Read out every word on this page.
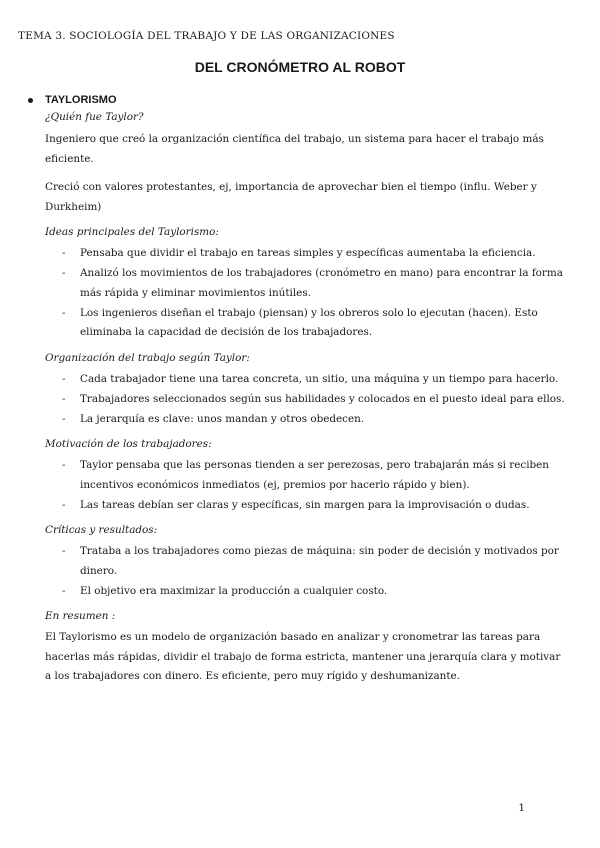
TEMA 3. SOCIOLOGÍA DEL TRABAJO Y DE LAS ORGANIZACIONES
DEL CRONÓMETRO AL ROBOT
TAYLORISMO
¿Quién fue Taylor?

Ingeniero que creó la organización científica del trabajo, un sistema para hacer el trabajo más eficiente.

Creció con valores protestantes, ej, importancia de aprovechar bien el tiempo (influ. Weber y Durkheim)

Ideas principales del Taylorismo:
- Pensaba que dividir el trabajo en tareas simples y específicas aumentaba la eficiencia.
- Analizó los movimientos de los trabajadores (cronómetro en mano) para encontrar la forma más rápida y eliminar movimientos inútiles.
- Los ingenieros diseñan el trabajo (piensan) y los obreros solo lo ejecutan (hacen). Esto eliminaba la capacidad de decisión de los trabajadores.
Organización del trabajo según Taylor:
- Cada trabajador tiene una tarea concreta, un sitio, una máquina y un tiempo para hacerlo.
- Trabajadores seleccionados según sus habilidades y colocados en el puesto ideal para ellos.
- La jerarquía es clave: unos mandan y otros obedecen.
Motivación de los trabajadores:
- Taylor pensaba que las personas tienden a ser perezosas, pero trabajarán más si reciben incentivos económicos inmediatos (ej, premios por hacerlo rápido y bien).
- Las tareas debían ser claras y específicas, sin margen para la improvisación o dudas.
Críticas y resultados:
- Trataba a los trabajadores como piezas de máquina: sin poder de decisión y motivados por dinero.
- El objetivo era maximizar la producción a cualquier costo.
En resumen :
El Taylorismo es un modelo de organización basado en analizar y cronometrar las tareas para hacerlas más rápidas, dividir el trabajo de forma estricta, mantener una jerarquía clara y motivar a los trabajadores con dinero. Es eficiente, pero muy rígido y deshumanizante.
1
